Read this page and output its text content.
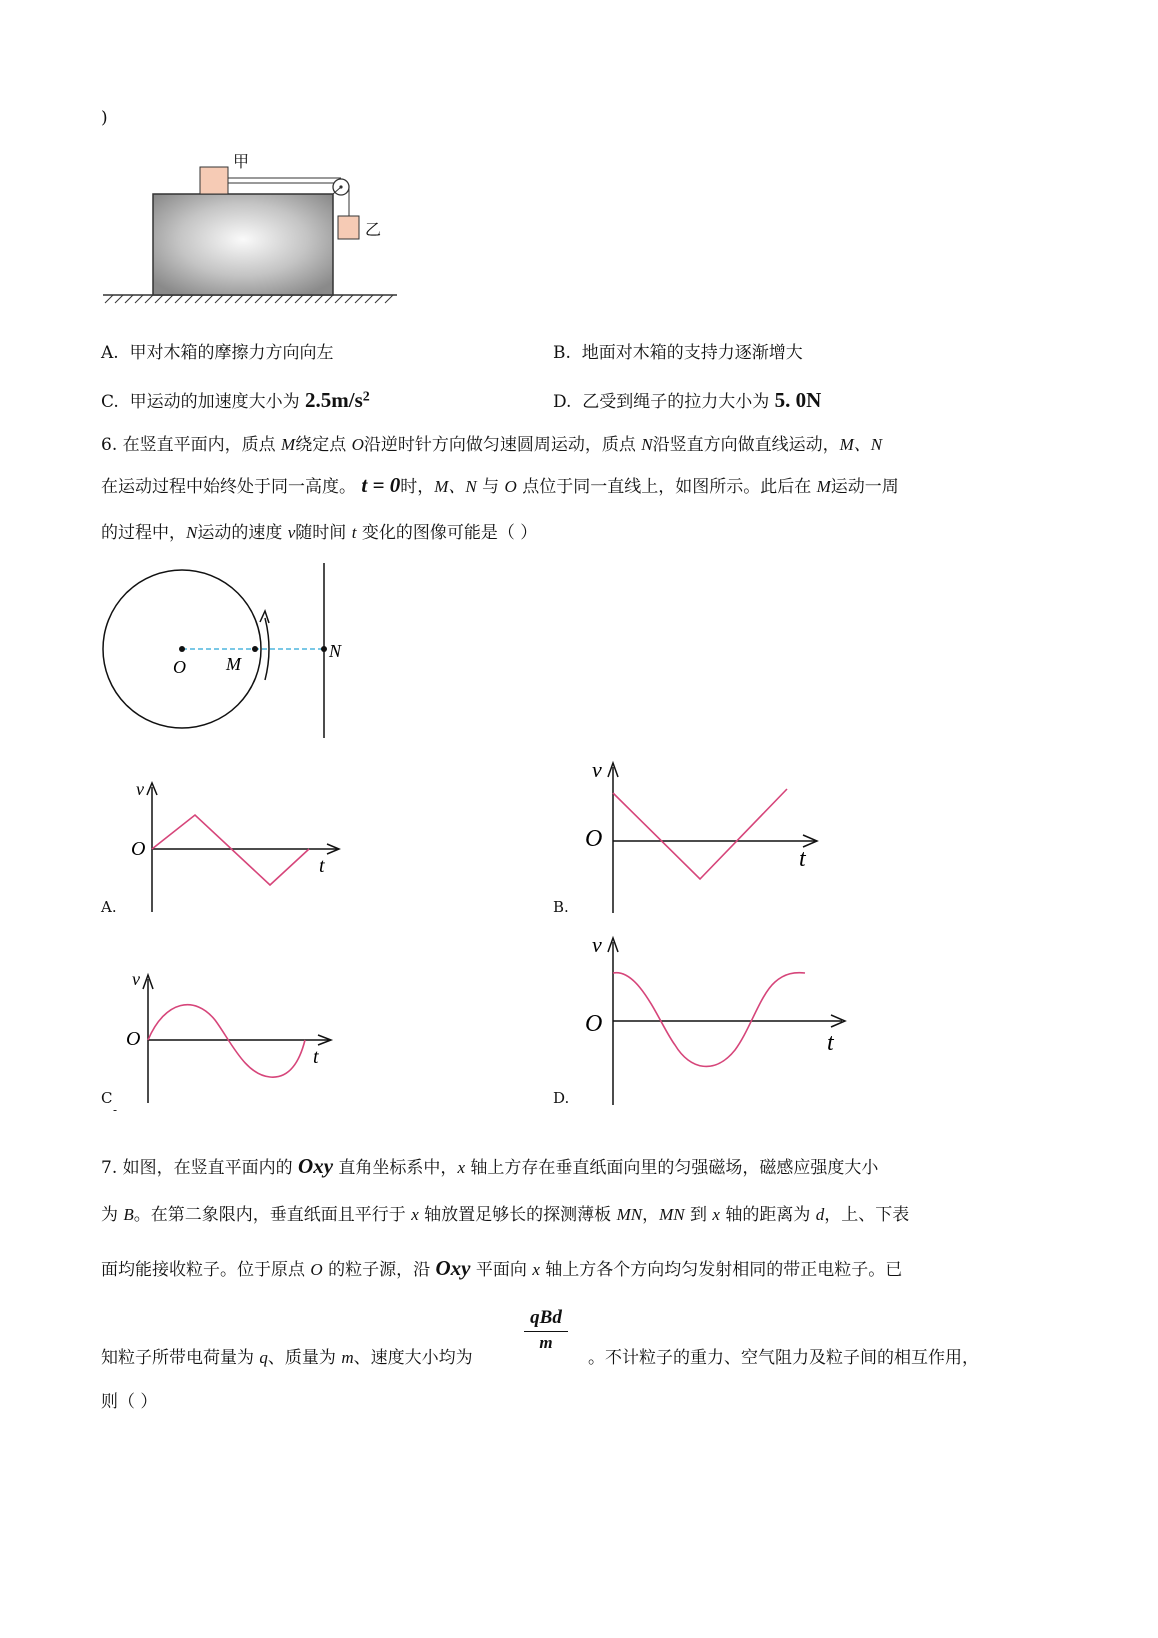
)
甲
乙
A. 甲对木箱的摩擦力方向向左	B. 地面对木箱的支持力逐渐增大
C. 甲运动的加速度大小为 $2.5m/s^2$	D. 乙受到绳子的拉力大小为 5. 0N
6. 在竖直平面内，质点 M绕定点 O沿逆时针方向做匀速圆周运动，质点 N沿竖直方向做直线运动，M、N
在运动过程中始终处于同一高度。 t = 0时，M、N 与 O 点位于同一直线上，如图所示。此后在 M运动一周
的过程中，N运动的速度 v随时间 t 变化的图像可能是（ ）
O M
N
v
O
t
A.
v
O
t
B.
v
O
t
C
-
v
O
t
D.
7. 如图，在竖直平面内的 Oxy 直角坐标系中，x 轴上方存在垂直纸面向里的匀强磁场，磁感应强度大小
为 B。在第二象限内，垂直纸面且平行于 x 轴放置足够长的探测薄板 MN，MN 到 x 轴的距离为 d，上、下表
面均能接收粒子。位于原点 O 的粒子源，沿 Oxy 平面向 x 轴上方各个方向均匀发射相同的带正电粒子。已
qBd
m
知粒子所带电荷量为 q、质量为 m、速度大小均为	。不计粒子的重力、空气阻力及粒子间的相互作用，
则（ ）
